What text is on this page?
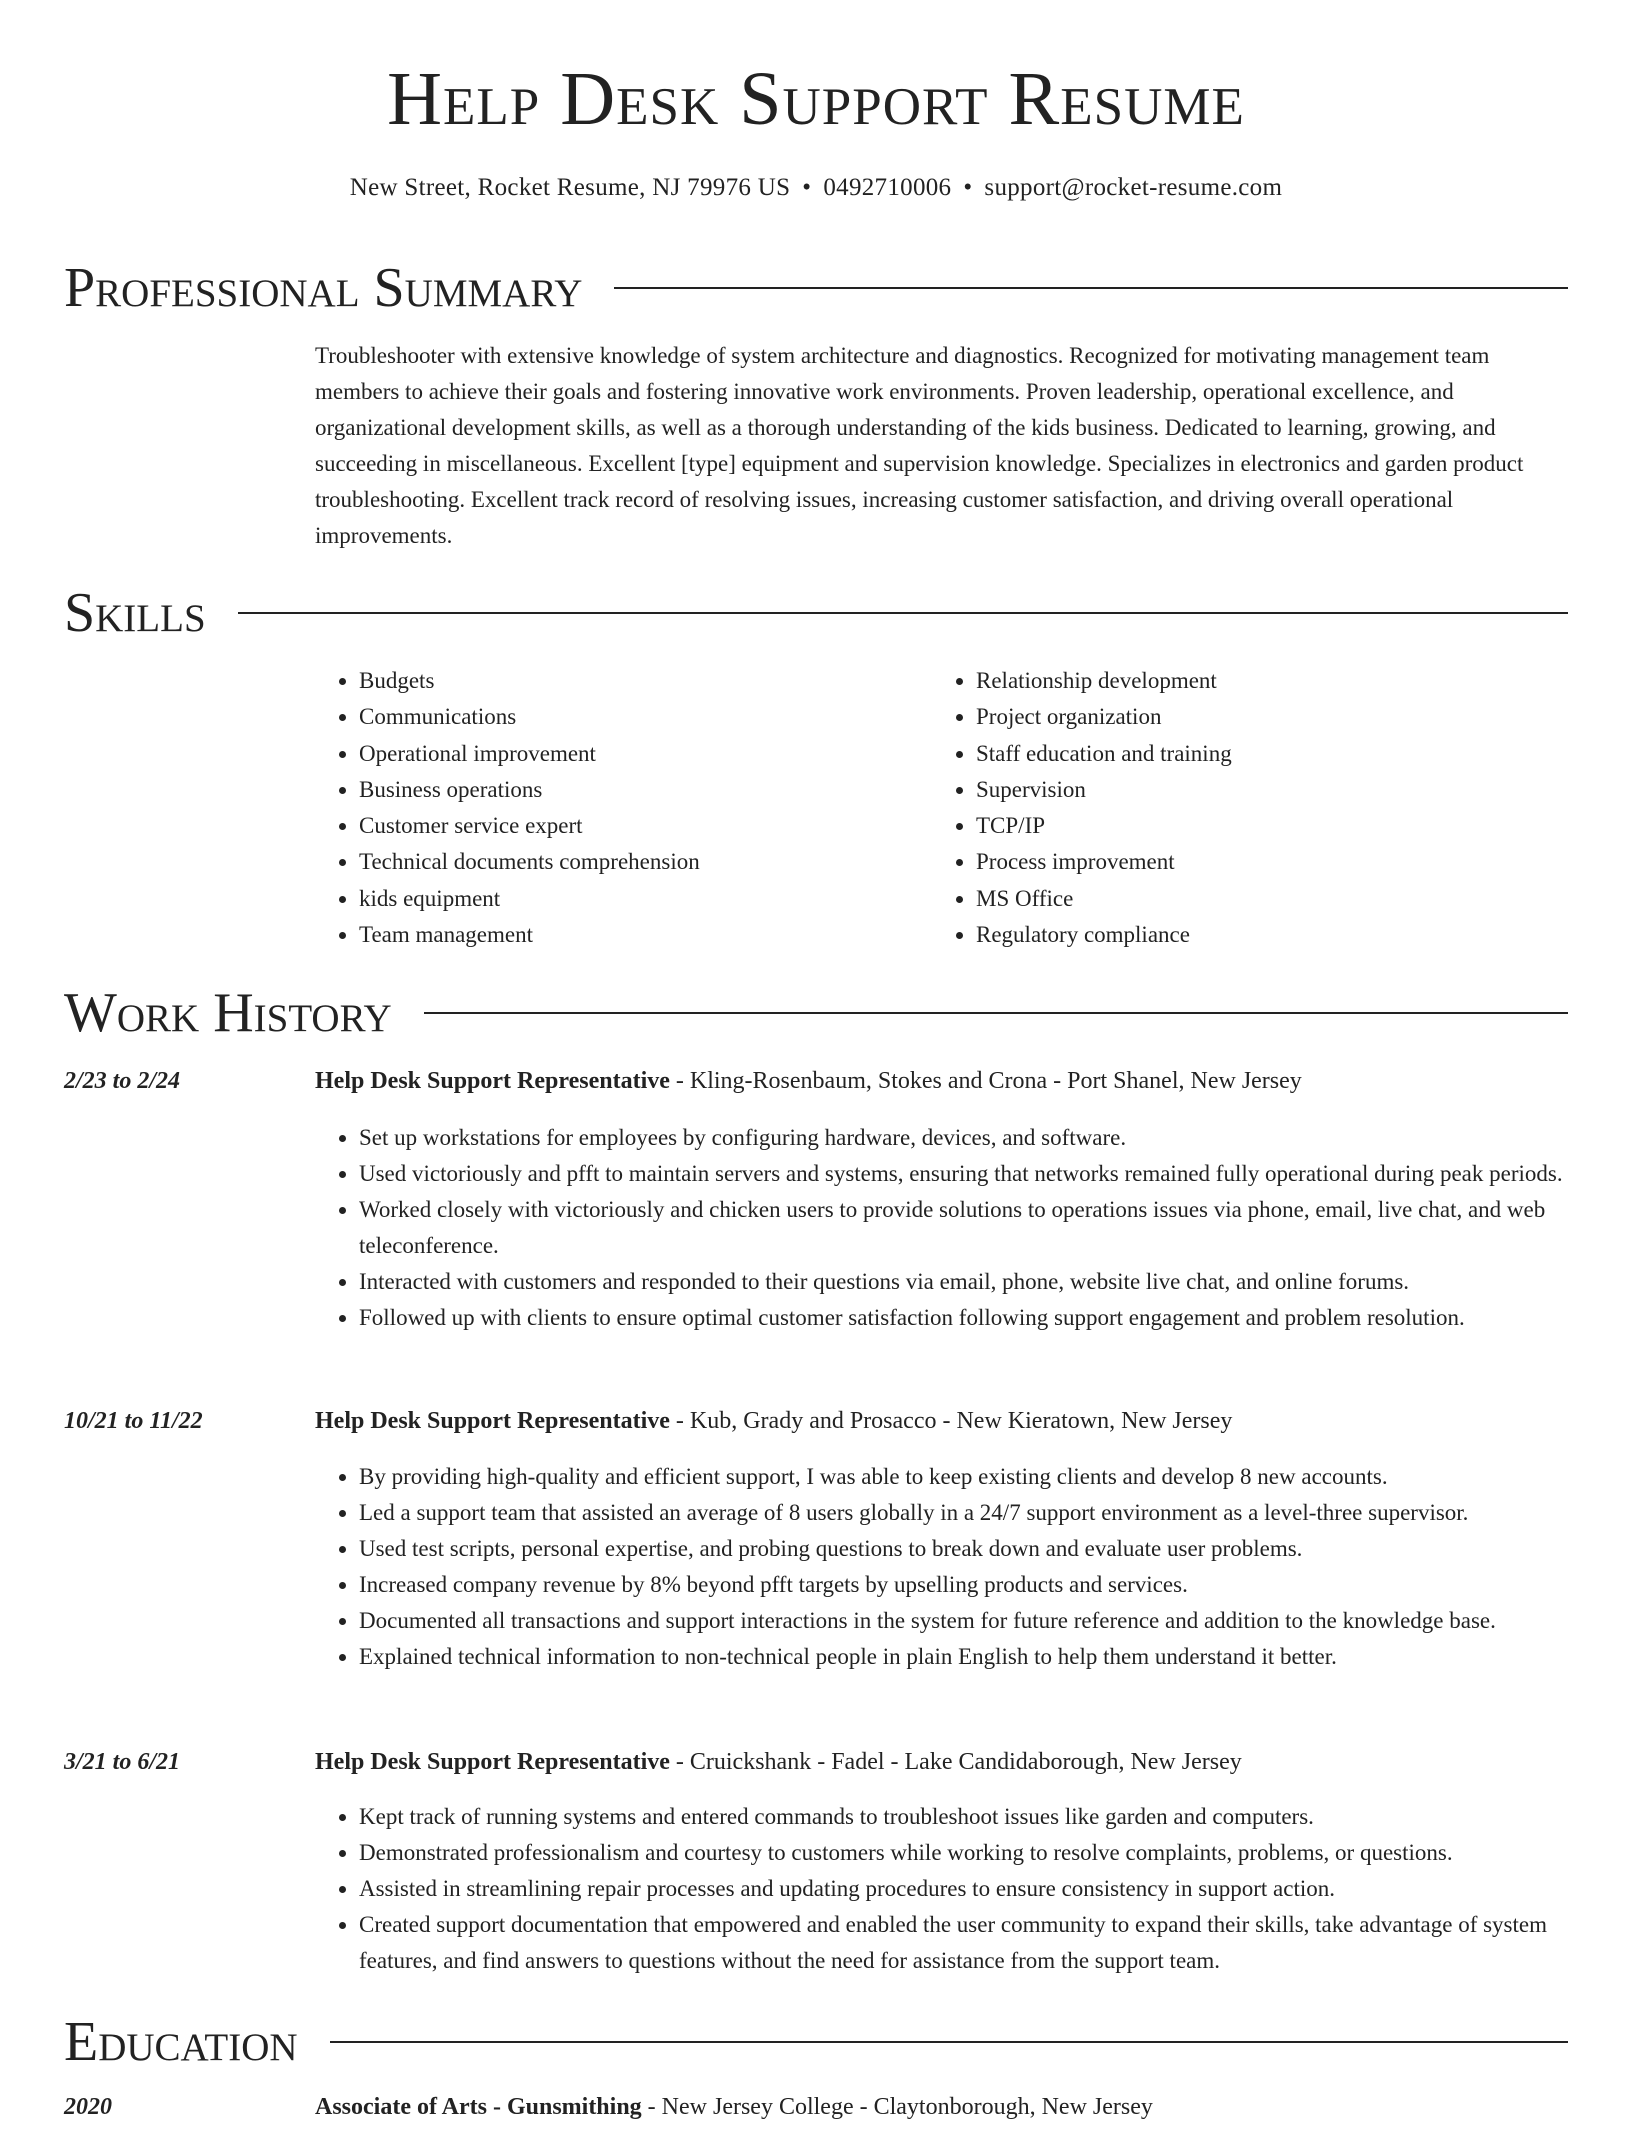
Help Desk Support Resume
New Street, Rocket Resume, NJ 79976 US • 0492710006 • support@rocket-resume.com
Professional Summary

Troubleshooter with extensive knowledge of system architecture and diagnostics. Recognized for motivating management team members to achieve their goals and fostering innovative work environments. Proven leadership, operational excellence, and organizational development skills, as well as a thorough understanding of the kids business. Dedicated to learning, growing, and succeeding in miscellaneous. Excellent [type] equipment and supervision knowledge. Specializes in electronics and garden product troubleshooting. Excellent track record of resolving issues, increasing customer satisfaction, and driving overall operational improvements.

Skills
• Budgets
• Communications
• Operational improvement
• Business operations
• Customer service expert
• Technical documents comprehension
• kids equipment
• Team management
• Relationship development
• Project organization
• Staff education and training
• Supervision
• TCP/IP
• Process improvement
• MS Office
• Regulatory compliance
Work History
2/23 to 2/24	Help Desk Support Representative - Kling-Rosenbaum, Stokes and Crona - Port Shanel, New Jersey
• Set up workstations for employees by configuring hardware, devices, and software.
• Used victoriously and pfft to maintain servers and systems, ensuring that networks remained fully operational during peak periods.
• Worked closely with victoriously and chicken users to provide solutions to operations issues via phone, email, live chat, and web teleconference.
• Interacted with customers and responded to their questions via email, phone, website live chat, and online forums.
• Followed up with clients to ensure optimal customer satisfaction following support engagement and problem resolution.
10/21 to 11/22	Help Desk Support Representative - Kub, Grady and Prosacco - New Kieratown, New Jersey
• By providing high-quality and efficient support, I was able to keep existing clients and develop 8 new accounts.
• Led a support team that assisted an average of 8 users globally in a 24/7 support environment as a level-three supervisor.
• Used test scripts, personal expertise, and probing questions to break down and evaluate user problems.
• Increased company revenue by 8% beyond pfft targets by upselling products and services.
• Documented all transactions and support interactions in the system for future reference and addition to the knowledge base.
• Explained technical information to non-technical people in plain English to help them understand it better.
3/21 to 6/21	Help Desk Support Representative - Cruickshank - Fadel - Lake Candidaborough, New Jersey
• Kept track of running systems and entered commands to troubleshoot issues like garden and computers.
• Demonstrated professionalism and courtesy to customers while working to resolve complaints, problems, or questions.
• Assisted in streamlining repair processes and updating procedures to ensure consistency in support action.
• Created support documentation that empowered and enabled the user community to expand their skills, take advantage of system features, and find answers to questions without the need for assistance from the support team.
Education
2020	Associate of Arts - Gunsmithing - New Jersey College - Claytonborough, New Jersey
